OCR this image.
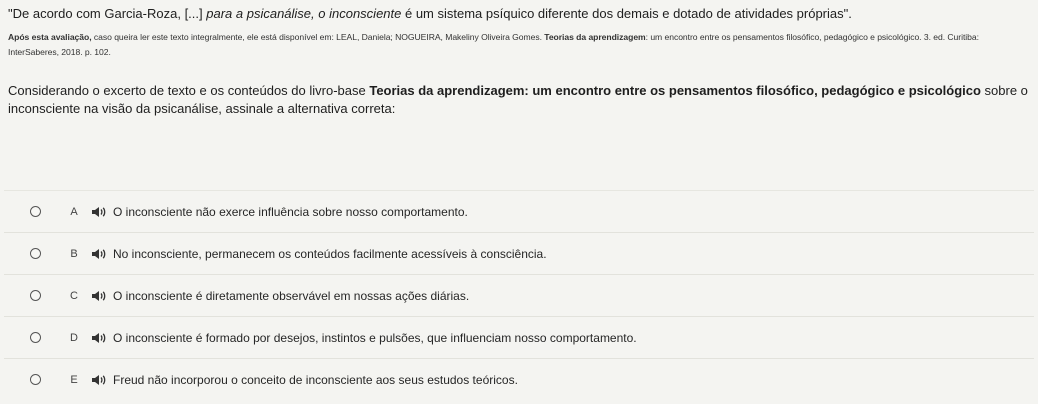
"De acordo com Garcia-Roza, [...] para a psicanálise, o inconsciente é um sistema psíquico diferente dos demais e dotado de atividades próprias".
Após esta avaliação, caso queira ler este texto integralmente, ele está disponível em: LEAL, Daniela; NOGUEIRA, Makeliny Oliveira Gomes. Teorias da aprendizagem: um encontro entre os pensamentos filosófico, pedagógico e psicológico. 3. ed. Curitiba: InterSaberes, 2018. p. 102.
Considerando o excerto de texto e os conteúdos do livro-base Teorias da aprendizagem: um encontro entre os pensamentos filosófico, pedagógico e psicológico sobre o inconsciente na visão da psicanálise, assinale a alternativa correta:
A	O inconsciente não exerce influência sobre nosso comportamento.
B	No inconsciente, permanecem os conteúdos facilmente acessíveis à consciência.
C	O inconsciente é diretamente observável em nossas ações diárias.
D	O inconsciente é formado por desejos, instintos e pulsões, que influenciam nosso comportamento.
E	Freud não incorporou o conceito de inconsciente aos seus estudos teóricos.
